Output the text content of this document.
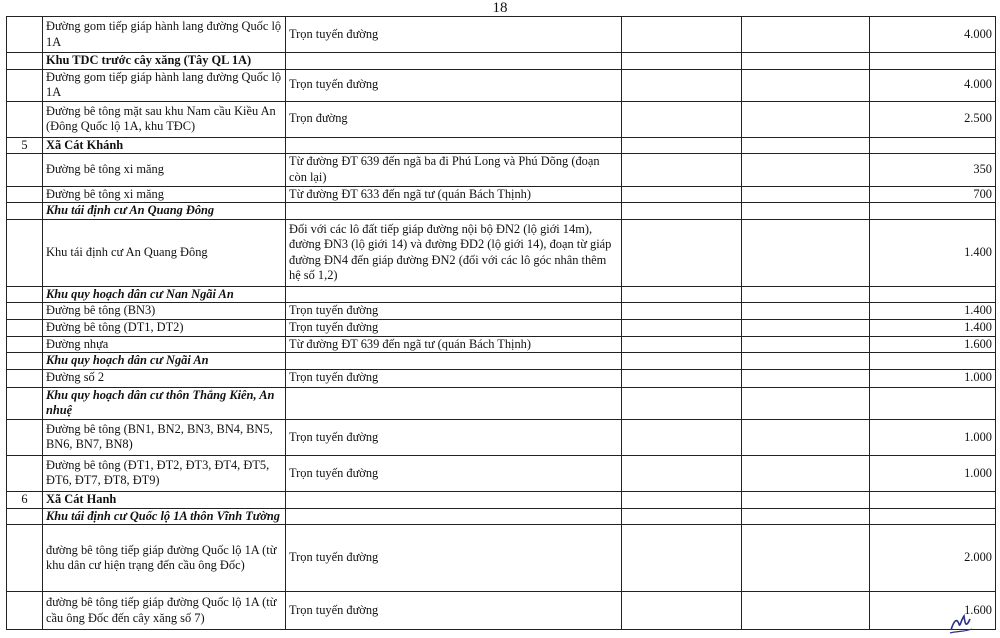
18
	Đường gom tiếp giáp hành lang đường Quốc lộ 1A	Trọn tuyến đường			4.000
	Khu TDC trước cây xăng (Tây QL 1A)				
	Đường gom tiếp giáp hành lang đường Quốc lộ 1A	Trọn tuyến đường			4.000
	Đường bê tông mặt sau khu Nam cầu Kiều An (Đông Quốc lộ 1A, khu TĐC)	Trọn đường			2.500
5	Xã Cát Khánh				
	Đường bê tông xi măng	Từ đường ĐT 639 đến ngã ba đi Phú Long và Phú Dõng (đoạn còn lại)			350
	Đường bê tông xi măng	Từ đường ĐT 633 đến ngã tư (quán Bách Thịnh)			700
	Khu tái định cư An Quang Đông				
	Khu tái định cư An Quang Đông	Đối với các lô đất tiếp giáp đường nội bộ ĐN2 (lộ giới 14m), đường ĐN3 (lộ giới 14) và đường ĐD2 (lộ giới 14), đoạn từ giáp đường ĐN4 đến giáp đường ĐN2 (đối với các lô góc nhân thêm hệ số 1,2)			1.400
	Khu quy hoạch dân cư Nan Ngãi An				
	Đường bê tông (BN3)	Trọn tuyến đường			1.400
	Đường bê tông (DT1, DT2)	Trọn tuyến đường			1.400
	Đường nhựa	Từ đường ĐT 639 đến ngã tư (quán Bách Thịnh)			1.600
	Khu quy hoạch dân cư Ngãi An				
	Đường số 2	Trọn tuyến đường			1.000
	Khu quy hoạch dân cư thôn Thắng Kiên, An nhuệ				
	Đường bê tông (BN1, BN2, BN3, BN4, BN5, BN6, BN7, BN8)	Trọn tuyến đường			1.000
	Đường bê tông (ĐT1, ĐT2, ĐT3, ĐT4, ĐT5, ĐT6, ĐT7, ĐT8, ĐT9)	Trọn tuyến đường			1.000
6	Xã Cát Hanh				
	Khu tái định cư Quốc lộ 1A thôn Vĩnh Tường				
	đường bê tông tiếp giáp đường Quốc lộ 1A (từ khu dân cư hiện trạng đến cầu ông Đốc)	Trọn tuyến đường			2.000
	đường bê tông tiếp giáp đường Quốc lộ 1A (từ cầu ông Đốc đến cây xăng số 7)	Trọn tuyến đường			1.600
